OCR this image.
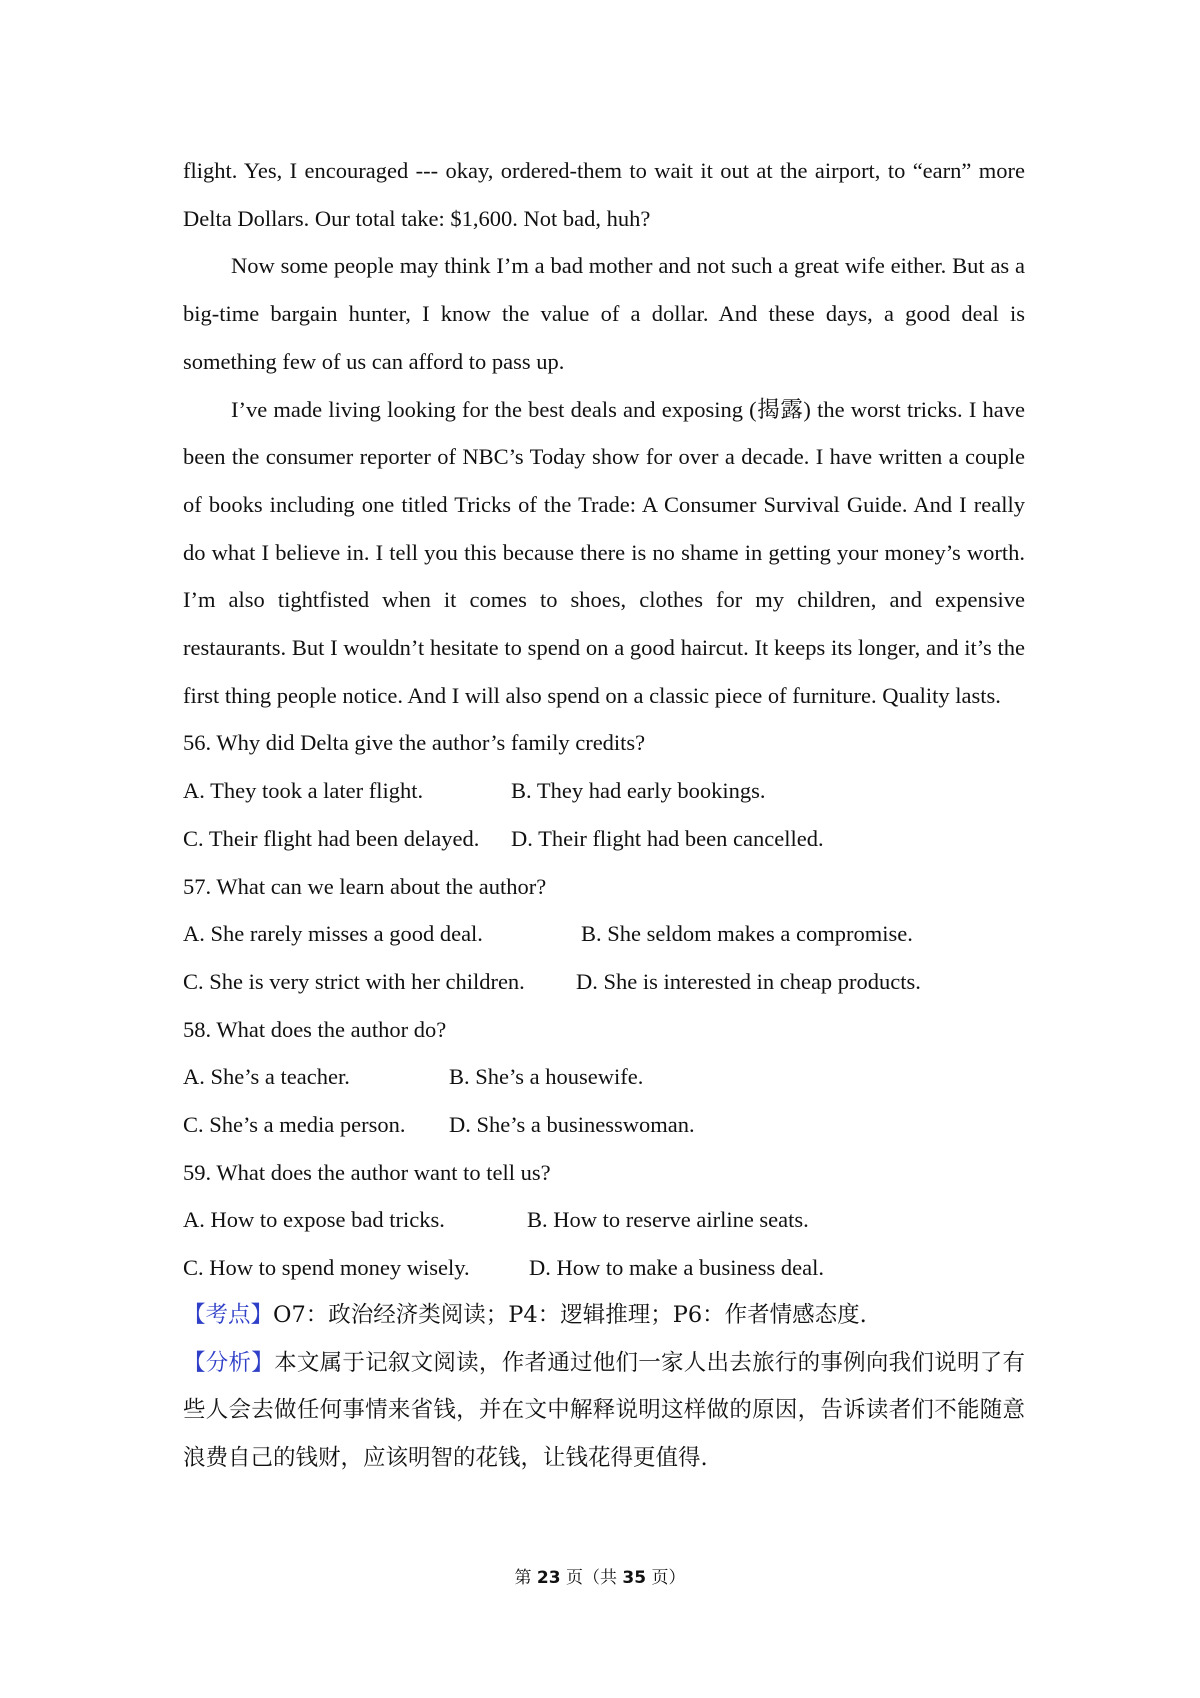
flight. Yes, I encouraged --- okay, ordered-them to wait it out at the airport, to “earn” more Delta Dollars. Our total take: $1,600. Not bad, huh?

Now some people may think I’m a bad mother and not such a great wife either. But as a big-time bargain hunter, I know the value of a dollar. And these days, a good deal is something few of us can afford to pass up.

I’ve made living looking for the best deals and exposing (揭露) the worst tricks. I have been the consumer reporter of NBC’s Today show for over a decade. I have written a couple of books including one titled Tricks of the Trade: A Consumer Survival Guide. And I really do what I believe in. I tell you this because there is no shame in getting your money’s worth. I’m also tightfisted when it comes to shoes, clothes for my children, and expensive restaurants. But I wouldn’t hesitate to spend on a good haircut. It keeps its longer, and it’s the first thing people notice. And I will also spend on a classic piece of furniture. Quality lasts.

56. Why did Delta give the author’s family credits?

A. They took a later flight.	B. They had early bookings.

C. Their flight had been delayed. D. Their flight had been cancelled.

57. What can we learn about the author?

A. She rarely misses a good deal.	B. She seldom makes a compromise.

C. She is very strict with her children. D. She is interested in cheap products.

58. What does the author do?

A. She’s a teacher.	B. She’s a housewife.

C. She’s a media person. D. She’s a businesswoman.

59. What does the author want to tell us?

A. How to expose bad tricks.	B. How to reserve airline seats.

C. How to spend money wisely.	D. How to make a business deal.

【考点】O7：政治经济类阅读；P4：逻辑推理；P6：作者情感态度.

【分析】本文属于记叙文阅读，作者通过他们一家人出去旅行的事例向我们说明了有些人会去做任何事情来省钱，并在文中解释说明这样做的原因，告诉读者们不能随意浪费自己的钱财，应该明智的花钱，让钱花得更值得.

第 23 页（共 35 页）
